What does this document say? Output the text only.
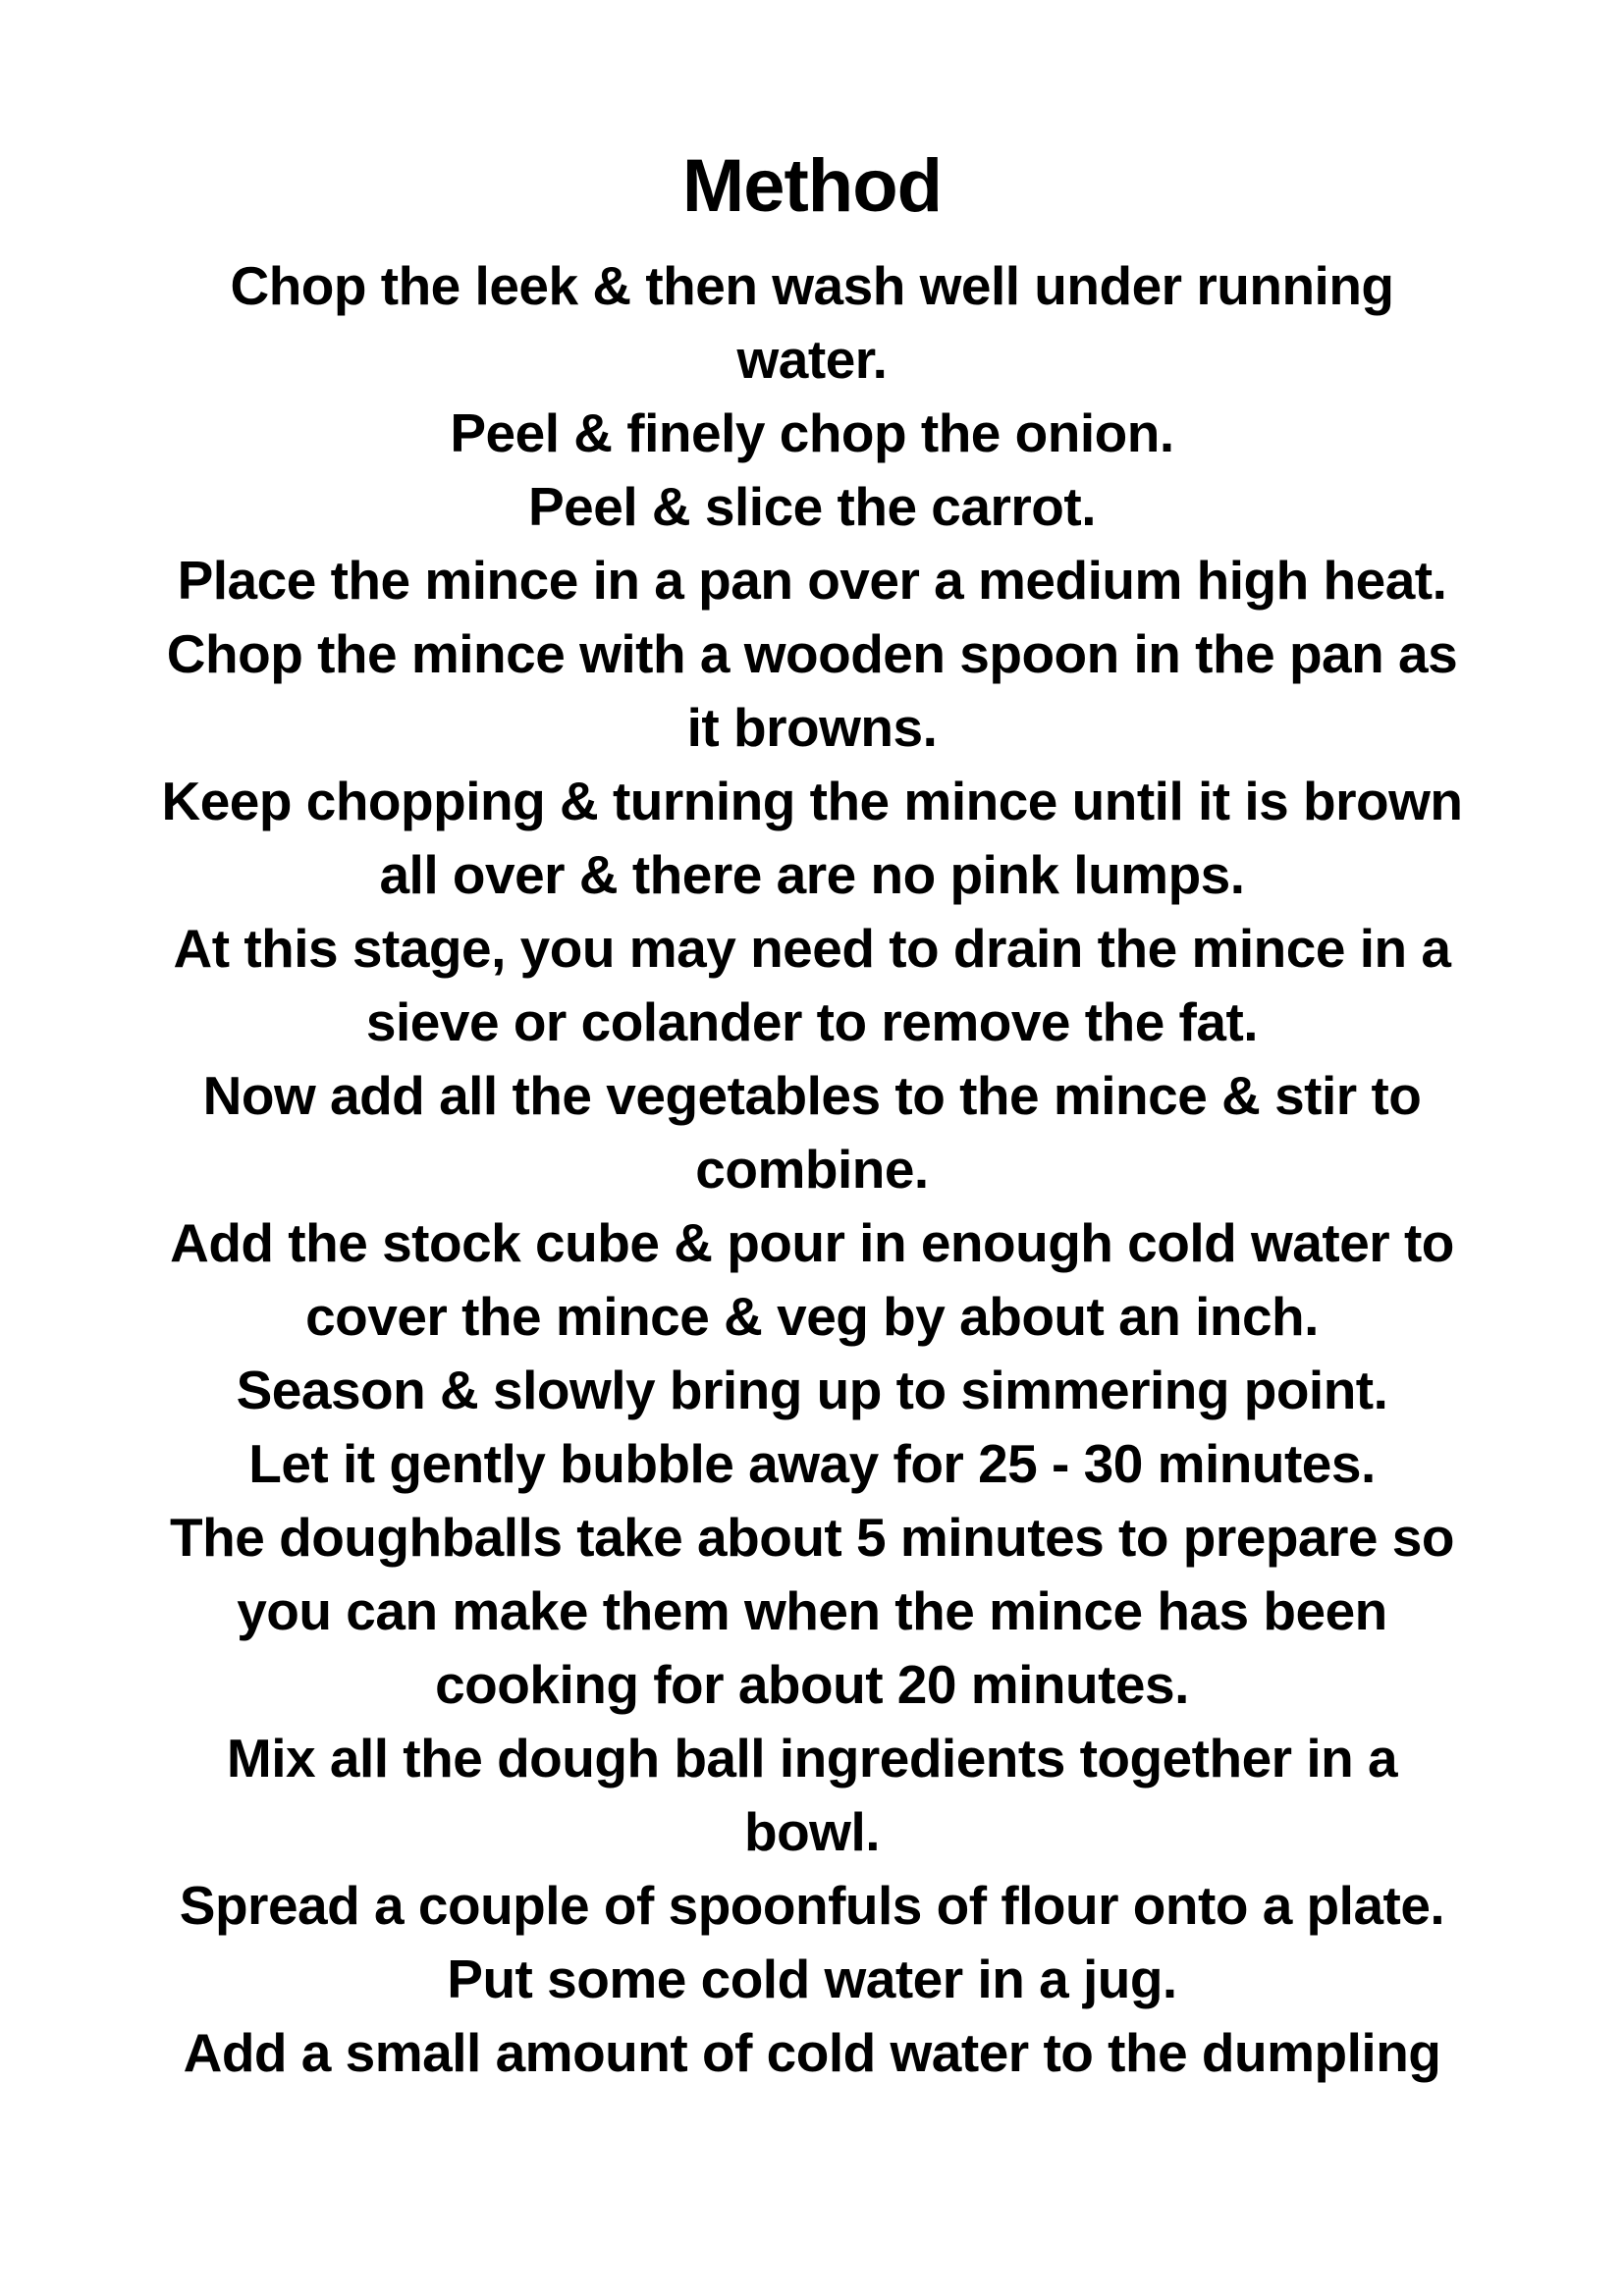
Method
Chop the leek & then wash well under running
water.
Peel & finely chop the onion.
Peel & slice the carrot.
Place the mince in a pan over a medium high heat.
Chop the mince with a wooden spoon in the pan as
it browns.
Keep chopping & turning the mince until it is brown
all over & there are no pink lumps.
At this stage, you may need to drain the mince in a
sieve or colander to remove the fat.
Now add all the vegetables to the mince & stir to
combine.
Add the stock cube & pour in enough cold water to
cover the mince & veg by about an inch.
Season & slowly bring up to simmering point.
Let it gently bubble away for 25 - 30 minutes.
The doughballs take about 5 minutes to prepare so
you can make them when the mince has been
cooking for about 20 minutes.
Mix all the dough ball ingredients together in a
bowl.
Spread a couple of spoonfuls of flour onto a plate.
Put some cold water in a jug.
Add a small amount of cold water to the dumpling
